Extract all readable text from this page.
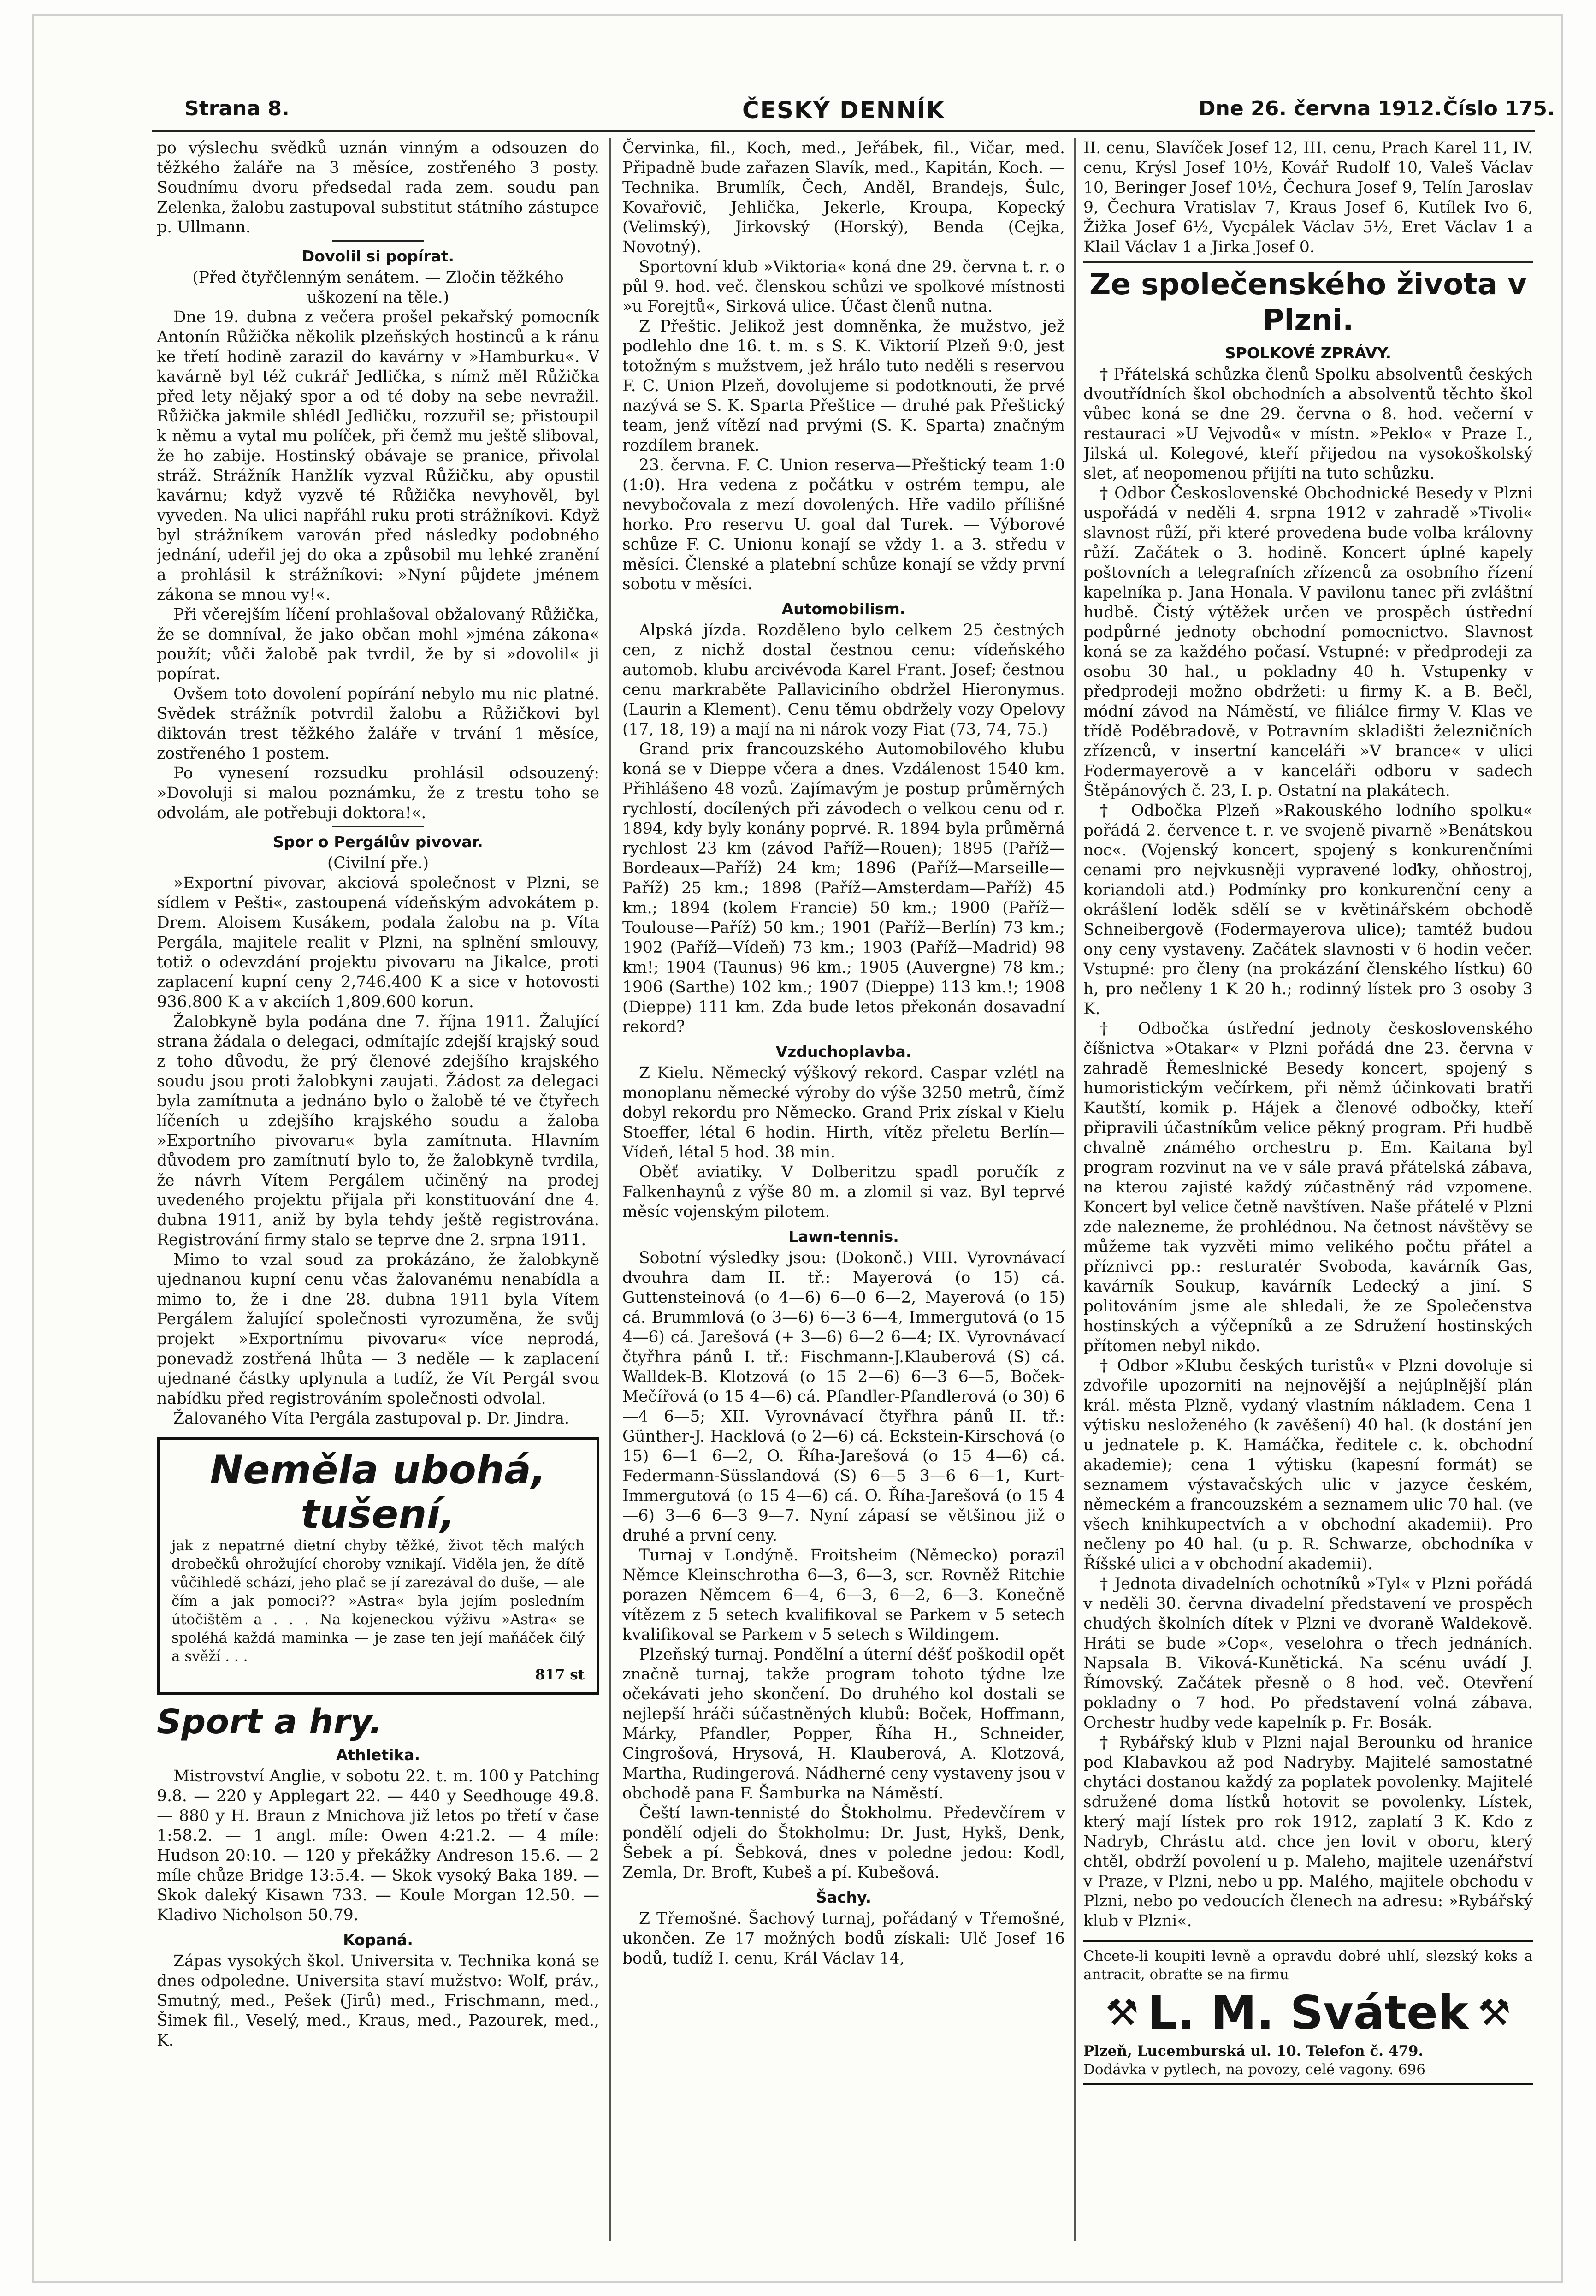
Strana 8.	ČESKÝ DENNÍK	Dne 26. června 1912. Číslo 175.

po výslechu svědků uznán vinným a odsouzen do těžkého žaláře na 3 měsíce, zostřeného 3 posty. Soudnímu dvoru předsedal rada zem. soudu pan Zelenka, žalobu zastupoval substitut státního zástupce p. Ullmann.

Dovolil si popírat.

(Před čtyřčlenným senátem. — Zločin těžkého uškození na těle.)

Dne 19. dubna z večera prošel pekařský pomocník Antonín Růžička několik plzeňských hostinců a k ránu ke třetí hodině zarazil do kavárny v »Hamburku«. V kavárně byl též cukrář Jedlička, s nímž měl Růžička před lety nějaký spor a od té doby na sebe nevražil. Růžička jakmile shlédl Jedličku, rozzuřil se; přistoupil k němu a vytal mu políček, při čemž mu ještě sliboval, že ho zabije. Hostinský obávaje se pranice, přivolal stráž. Strážník Hanžlík vyzval Růžičku, aby opustil kavárnu; když vyzvě té Růžička nevyhověl, byl vyveden. Na ulici napřáhl ruku proti strážníkovi. Když byl strážníkem varován před následky podobného jednání, udeřil jej do oka a způsobil mu lehké zranění a prohlásil k strážníkovi: »Nyní půjdete jménem zákona se mnou vy!«.

Při včerejším líčení prohlašoval obžalovaný Růžička, že se domníval, že jako občan mohl »jména zákona« použít; vůči žalobě pak tvrdil, že by si »dovolil« ji popírat.

Ovšem toto dovolení popírání nebylo mu nic platné. Svědek strážník potvrdil žalobu a Růžičkovi byl diktován trest těžkého žaláře v trvání 1 měsíce, zostřeného 1 postem.

Po vynesení rozsudku prohlásil odsouzený: »Dovoluji si malou poznámku, že z trestu toho se odvolám, ale potřebuji doktora!«.

Spor o Pergálův pivovar.

(Civilní pře.)

»Exportní pivovar, akciová společnost v Plzni, se sídlem v Pešti«, zastoupená vídeňským advokátem p. Drem. Aloisem Kusákem, podala žalobu na p. Víta Pergála, majitele realit v Plzni, na splnění smlouvy, totiž o odevzdání projektu pivovaru na Jikalce, proti zaplacení kupní ceny 2,746.400 K a sice v hotovosti 936.800 K a v akciích 1,809.600 korun.

Žalobkyně byla podána dne 7. října 1911. Žalující strana žádala o delegaci, odmítajíc zdejší krajský soud z toho důvodu, že prý členové zdejšího krajského soudu jsou proti žalobkyni zaujati. Žádost za delegaci byla zamítnuta a jednáno bylo o žalobě té ve čtyřech líčeních u zdejšího krajského soudu a žaloba »Exportního pivovaru« byla zamítnuta. Hlavním důvodem pro zamítnutí bylo to, že žalobkyně tvrdila, že návrh Vítem Pergálem učiněný na prodej uvedeného projektu přijala při konstituování dne 4. dubna 1911, aniž by byla tehdy ještě registrována. Registrování firmy stalo se teprve dne 2. srpna 1911.

Mimo to vzal soud za prokázáno, že žalobkyně ujednanou kupní cenu včas žalovanému nenabídla a mimo to, že i dne 28. dubna 1911 byla Vítem Pergálem žalující společnosti vyrozuměna, že svůj projekt »Exportnímu pivovaru« více neprodá, ponevadž zostřená lhůta — 3 neděle — k zaplacení ujednané částky uplynula a tudíž, že Vít Pergál svou nabídku před registrováním společnosti odvolal.

Žalovaného Víta Pergála zastupoval p. Dr. Jindra.

Neměla ubohá, tušení,
jak z nepatrné dietní chyby těžké, život těch malých drobečků ohrožující choroby vznikají. Viděla jen, že dítě vůčihledě schází, jeho plač se jí zarezával do duše, — ale čím a jak pomoci?? »Astra« byla jejím posledním útočištěm a . . . Na kojeneckou výživu »Astra« se spoléhá každá maminka — je zase ten její maňáček čilý a svěží . . .
817 st
Sport a hry.

Athletika.

Mistrovství Anglie, v sobotu 22. t. m. 100 y Patching 9.8. — 220 y Applegart 22. — 440 y Seedhouge 49.8. — 880 y H. Braun z Mnichova již letos po třetí v čase 1:58.2. — 1 angl. míle: Owen 4:21.2. — 4 míle: Hudson 20:10. — 120 y překážky Andreson 15.6. — 2 míle chůze Bridge 13:5.4. — Skok vysoký Baka 189. — Skok daleký Kisawn 733. — Koule Morgan 12.50. — Kladivo Nicholson 50.79.

Kopaná.

Zápas vysokých škol. Universita v. Technika koná se dnes odpoledne. Universita staví mužstvo: Wolf, práv., Smutný, med., Pešek (Jirů) med., Frischmann, med., Šimek fil., Veselý, med., Kraus, med., Pazourek, med., K.

Červinka, fil., Koch, med., Jeřábek, fil., Vičar, med. Připadně bude zařazen Slavík, med., Kapitán, Koch. — Technika. Brumlík, Čech, Anděl, Brandejs, Šulc, Kovařovič, Jehlička, Jekerle, Kroupa, Kopecký (Velimský), Jirkovský (Horský), Benda (Cejka, Novotný).

Sportovní klub »Viktoria« koná dne 29. června t. r. o půl 9. hod. več. členskou schůzi ve spolkové místnosti »u Forejtů«, Sirková ulice. Účast členů nutna.

Z Přeštic. Jelikož jest domněnka, že mužstvo, jež podlehlo dne 16. t. m. s S. K. Viktorií Plzeň 9:0, jest totožným s mužstvem, jež hrálo tuto neděli s reservou F. C. Union Plzeň, dovolujeme si podotknouti, že prvé nazývá se S. K. Sparta Přeštice — druhé pak Přeštický team, jenž vítězí nad prvými (S. K. Sparta) značným rozdílem branek.

23. června. F. C. Union reserva—Přeštický team 1:0 (1:0). Hra vedena z počátku v ostrém tempu, ale nevybočovala z mezí dovolených. Hře vadilo přílišné horko. Pro reservu U. goal dal Turek. — Výborové schůze F. C. Unionu konají se vždy 1. a 3. středu v měsíci. Členské a platební schůze konají se vždy první sobotu v měsíci.

Automobilism.

Alpská jízda. Rozděleno bylo celkem 25 čestných cen, z nichž dostal čestnou cenu: vídeňského automob. klubu arcivévoda Karel Frant. Josef; čestnou cenu markraběte Pallaviciního obdržel Hieronymus. (Laurin a Klement). Cenu těmu obdržely vozy Opelovy (17, 18, 19) a mají na ni nárok vozy Fiat (73, 74, 75.)

Grand prix francouzského Automobilového klubu koná se v Dieppe včera a dnes. Vzdálenost 1540 km. Přihlášeno 48 vozů. Zajímavým je postup průměrných rychlostí, docílených při závodech o velkou cenu od r. 1894, kdy byly konány poprvé. R. 1894 byla průměrná rychlost 23 km (závod Paříž—Rouen); 1895 (Paříž—Bordeaux—Paříž) 24 km; 1896 (Paříž—Marseille—Paříž) 25 km.; 1898 (Paříž—Amsterdam—Paříž) 45 km.; 1894 (kolem Francie) 50 km.; 1900 (Paříž—Toulouse—Paříž) 50 km.; 1901 (Paříž—Berlín) 73 km.; 1902 (Paříž—Vídeň) 73 km.; 1903 (Paříž—Madrid) 98 km!; 1904 (Taunus) 96 km.; 1905 (Auvergne) 78 km.; 1906 (Sarthe) 102 km.; 1907 (Dieppe) 113 km.!; 1908 (Dieppe) 111 km. Zda bude letos překonán dosavadní rekord?

Vzduchoplavba.

Z Kielu. Německý výškový rekord. Caspar vzlétl na monoplanu německé výroby do výše 3250 metrů, čímž dobyl rekordu pro Německo. Grand Prix získal v Kielu Stoeffer, létal 6 hodin. Hirth, vítěz přeletu Berlín—Vídeň, létal 5 hod. 38 min.

Oběť aviatiky. V Dolberitzu spadl poručík z Falkenhaynů z výše 80 m. a zlomil si vaz. Byl teprvé měsíc vojenským pilotem.

Lawn-tennis.

Sobotní výsledky jsou: (Dokonč.) VIII. Vyrovnávací dvouhra dam II. tř.: Mayerová (o 15) cá. Guttensteinová (o 4—6) 6—0 6—2, Mayerová (o 15) cá. Brummlová (o 3—6) 6—3 6—4, Immergutová (o 15 4—6) cá. Jarešová (+ 3—6) 6—2 6—4; IX. Vyrovnávací čtyřhra pánů I. tř.: Fischmann-J.Klauberová (S) cá. Walldek-B. Klotzová (o 15 2—6) 6—3 6—5, Boček-Mečířová (o 15 4—6) cá. Pfandler-Pfandlerová (o 30) 6—4 6—5; XII. Vyrovnávací čtyřhra pánů II. tř.: Günther-J. Hacklová (o 2—6) cá. Eckstein-Kirschová (o 15) 6—1 6—2, O. Říha-Jarešová (o 15 4—6) cá. Federmann-Süsslandová (S) 6—5 3—6 6—1, Kurt-Immergutová (o 15 4—6) cá. O. Říha-Jarešová (o 15 4—6) 3—6 6—3 9—7. Nyní zápasí se většinou již o druhé a první ceny.

Turnaj v Londýně. Froitsheim (Německo) porazil Němce Kleinschrotha 6—3, 6—3, scr. Rovněž Ritchie porazen Němcem 6—4, 6—3, 6—2, 6—3. Konečně vítězem z 5 setech kvalifikoval se Parkem v 5 setech kvalifikoval se Parkem v 5 setech s Wildingem.

Plzeňský turnaj. Pondělní a úterní déšť poškodil opět značně turnaj, takže program tohoto týdne lze očekávati jeho skončení. Do druhého kol dostali se nejlepší hráči súčastněných klubů: Boček, Hoffmann, Márky, Pfandler, Popper, Říha H., Schneider, Cingrošová, Hrysová, H. Klauberová, A. Klotzová, Martha, Rudingerová. Nádherné ceny vystaveny jsou v obchodě pana F. Šamburka na Náměstí.

Čeští lawn-tennisté do Štokholmu. Předevčírem v pondělí odjeli do Štokholmu: Dr. Just, Hykš, Denk, Šebek a pí. Šebková, dnes v poledne jedou: Kodl, Zemla, Dr. Broft, Kubeš a pí. Kubešová.

Šachy.

Z Třemošné. Šachový turnaj, pořádaný v Třemošné, ukončen. Ze 17 možných bodů získali: Ulč Josef 16 bodů, tudíž I. cenu, Král Václav 14,

II. cenu, Slavíček Josef 12, III. cenu, Prach Karel 11, IV. cenu, Krýsl Josef 10½, Kovář Rudolf 10, Valeš Václav 10, Beringer Josef 10½, Čechura Josef 9, Telín Jaroslav 9, Čechura Vratislav 7, Kraus Josef 6, Kutílek Ivo 6, Žižka Josef 6½, Vycpálek Václav 5½, Eret Václav 1 a Klail Václav 1 a Jirka Josef 0.

Ze společenského života v Plzni.

SPOLKOVÉ ZPRÁVY.

† Přátelská schůzka členů Spolku absolventů českých dvoutřídních škol obchodních a absolventů těchto škol vůbec koná se dne 29. června o 8. hod. večerní v restauraci »U Vejvodů« v místn. »Peklo« v Praze I., Jilská ul. Kolegové, kteří přijedou na vysokoškolský slet, ať neopomenou přijíti na tuto schůzku.

† Odbor Československé Obchodnické Besedy v Plzni uspořádá v neděli 4. srpna 1912 v zahradě »Tivoli« slavnost růží, při které provedena bude volba královny růží. Začátek o 3. hodině. Koncert úplné kapely poštovních a telegrafních zřízenců za osobního řízení kapelníka p. Jana Honala. V pavilonu tanec při zvláštní hudbě. Čistý výtěžek určen ve prospěch ústřední podpůrné jednoty obchodní pomocnictvo. Slavnost koná se za každého počasí. Vstupné: v předprodeji za osobu 30 hal., u pokladny 40 h. Vstupenky v předprodeji možno obdržeti: u firmy K. a B. Bečl, módní závod na Náměstí, ve filiálce firmy V. Klas ve třídě Poděbradově, v Potravním skladišti železničních zřízenců, v insertní kanceláři »V brance« v ulici Fodermayerově a v kanceláři odboru v sadech Štěpánových č. 23, I. p. Ostatní na plakátech.

† Odbočka Plzeň »Rakouského lodního spolku« pořádá 2. července t. r. ve svojeně pivarně »Benátskou noc«. (Vojenský koncert, spojený s konkurenčními cenami pro nejvkusněji vypravené loďky, ohňostroj, koriandoli atd.) Podmínky pro konkurenční ceny a okrášlení loděk sdělí se v květinářském obchodě Schneibergově (Fodermayerova ulice); tamtéž budou ony ceny vystaveny. Začátek slavnosti v 6 hodin večer. Vstupné: pro členy (na prokázání členského lístku) 60 h, pro nečleny 1 K 20 h.; rodinný lístek pro 3 osoby 3 K.

† Odbočka ústřední jednoty československého číšnictva »Otakar« v Plzni pořádá dne 23. června v zahradě Řemeslnické Besedy koncert, spojený s humoristickým večírkem, při němž účinkovati bratři Kautští, komik p. Hájek a členové odbočky, kteří připravili účastníkům velice pěkný program. Při hudbě chvalně známého orchestru p. Em. Kaitana byl program rozvinut na ve v sále pravá přátelská zábava, na kterou zajisté každý zúčastněný rád vzpomene. Koncert byl velice četně navštíven. Naše přátelé v Plzni zde nalezneme, že prohlédnou. Na četnost návštěvy se můžeme tak vyzvěti mimo velikého počtu přátel a příznivci pp.: resturatér Svoboda, kavárník Gas, kavárník Soukup, kavárník Ledecký a jiní. S politováním jsme ale shledali, že ze Společenstva hostinských a výčepníků a ze Sdružení hostinských přítomen nebyl nikdo.

† Odbor »Klubu českých turistů« v Plzni dovoluje si zdvořile upozorniti na nejnovější a nejúplnější plán král. města Plzně, vydaný vlastním nákladem. Cena 1 výtisku nesloženého (k zavěšení) 40 hal. (k dostání jen u jednatele p. K. Hamáčka, ředitele c. k. obchodní akademie); cena 1 výtisku (kapesní formát) se seznamem výstavačských ulic v jazyce českém, německém a francouzském a seznamem ulic 70 hal. (ve všech knihkupectvích a v obchodní akademii). Pro nečleny po 40 hal. (u p. R. Schwarze, obchodníka v Říšské ulici a v obchodní akademii).

† Jednota divadelních ochotníků »Tyl« v Plzni pořádá v neděli 30. června divadelní představení ve prospěch chudých školních dítek v Plzni ve dvoraně Waldekově. Hráti se bude »Cop«, veselohra o třech jednáních. Napsala B. Viková-Kunětická. Na scénu uvádí J. Římovský. Začátek přesně o 8 hod. več. Otevření pokladny o 7 hod. Po představení volná zábava. Orchestr hudby vede kapelník p. Fr. Bosák.

† Rybářský klub v Plzni najal Berounku od hranice pod Klabavkou až pod Nadryby. Majitelé samostatné chytáci dostanou každý za poplatek povolenky. Majitelé sdružené doma lístků hotovit se povolenky. Lístek, který mají lístek pro rok 1912, zaplatí 3 K. Kdo z Nadryb, Chrástu atd. chce jen lovit v oboru, který chtěl, obdrží povolení u p. Maleho, majitele uzenářství v Praze, v Plzni, nebo u pp. Malého, majitele obchodu v Plzni, nebo po vedoucích členech na adresu: »Rybářský klub v Plzni«.

Chcete-li koupiti levně a opravdu dobré uhlí, slezský koks a antracit, obraťte se na firmu
⚒ L. M. Svátek ⚒
Plzeň, Lucemburská ul. 10. Telefon č. 479.
Dodávka v pytlech, na povozy, celé vagony. 696
